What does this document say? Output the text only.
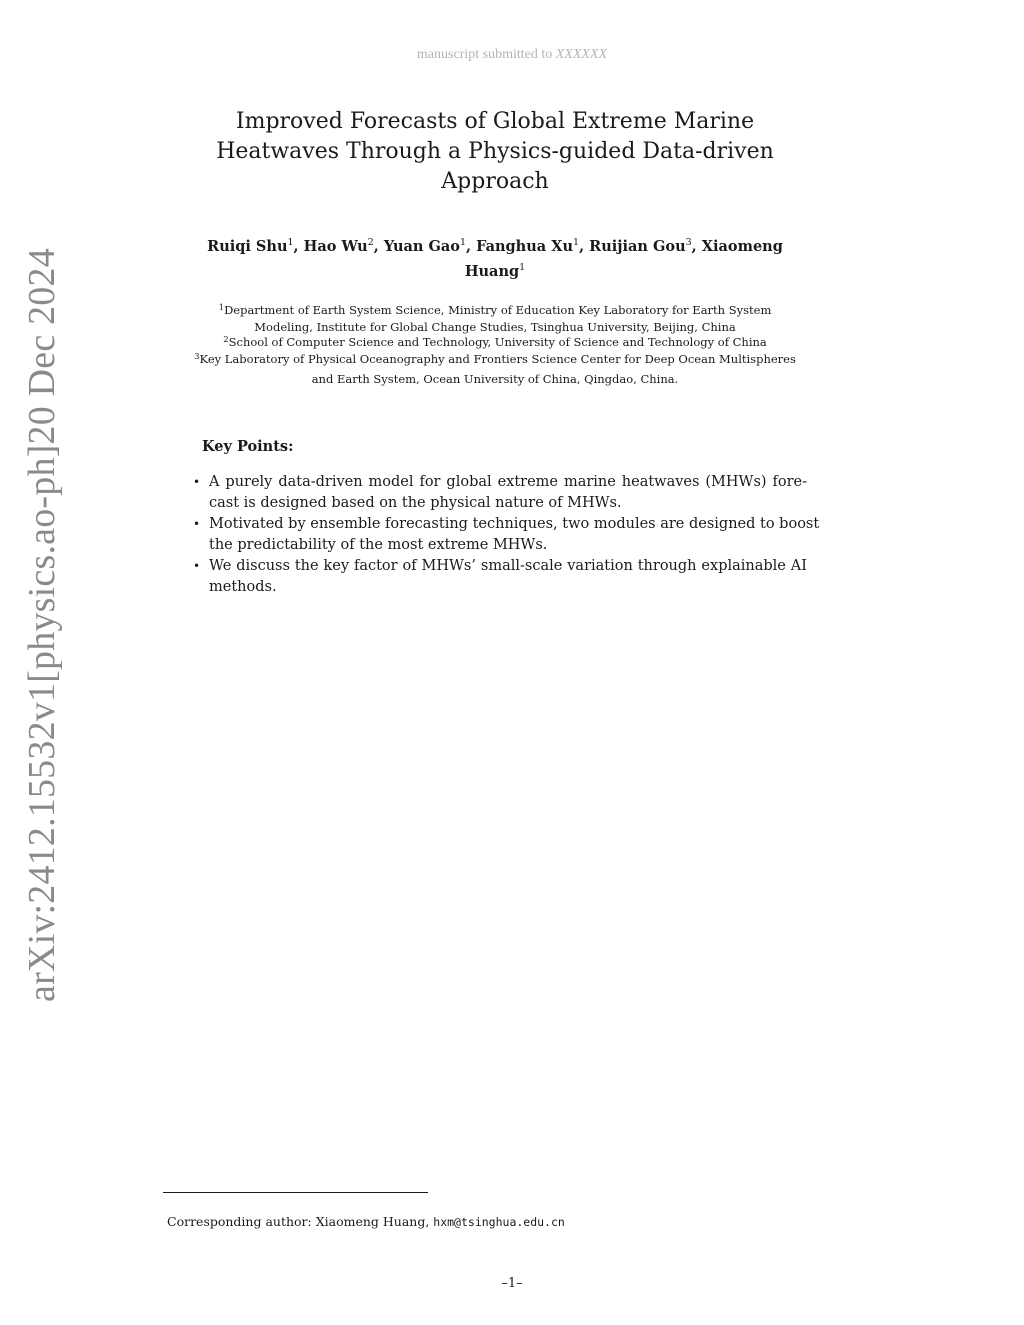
manuscript submitted to XXXXXX
arXiv:2412.15532v1
[physics.ao-ph]
20 Dec 2024
Improved Forecasts of Global Extreme Marine
Heatwaves Through a Physics-guided Data-driven
Approach
Ruiqi Shu$^1$, Hao Wu$^2$, Yuan Gao$^1$, Fanghua Xu$^1$, Ruijian Gou$^3$, Xiaomeng
Huang$^1$
$^1$Department of Earth System Science, Ministry of Education Key Laboratory for Earth System
Modeling, Institute for Global Change Studies, Tsinghua University, Beijing, China
$^2$School of Computer Science and Technology, University of Science and Technology of China
$^3$Key Laboratory of Physical Oceanography and Frontiers Science Center for Deep Ocean Multispheres
and Earth System, Ocean University of China, Qingdao, China.
Key Points:
• A purely data-driven model for global extreme marine heatwaves (MHWs) fore-
cast is designed based on the physical nature of MHWs.
• Motivated by ensemble forecasting techniques, two modules are designed to boost
the predictability of the most extreme MHWs.
• We discuss the key factor of MHWs’ small-scale variation through explainable AI
methods.
Corresponding author: Xiaomeng Huang, hxm@tsinghua.edu.cn
–1–
